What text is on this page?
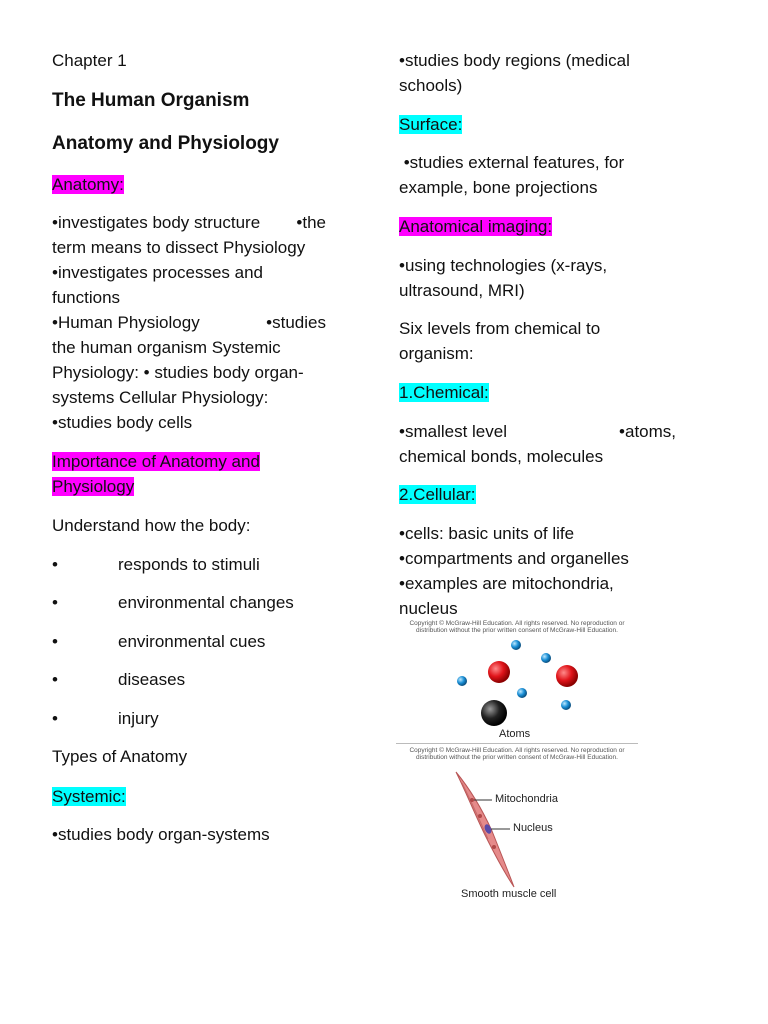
Chapter 1
The Human Organism
Anatomy and Physiology
Anatomy:
•investigates body structure •the
term means to dissect Physiology
•investigates processes and
functions
•Human Physiology	•studies
the human organism Systemic
Physiology: • studies body organ-
systems Cellular Physiology:
•studies body cells
Importance of Anatomy and
Physiology
Understand how the body:
•	responds to stimuli
•	environmental changes
•	environmental cues
•	diseases
•	injury
Types of Anatomy
Systemic:
•studies body organ-systems
•studies body regions (medical
schools)
Surface:
•studies external features, for
example, bone projections
Anatomical imaging:
•using technologies (x-rays,
ultrasound, MRI)
Six levels from chemical to
organism:
1.Chemical:
•smallest level	•atoms,
chemical bonds, molecules
2.Cellular:
•cells: basic units of life
•compartments and organelles
•examples are mitochondria,
nucleus
Copyright © McGraw-Hill Education. All rights reserved. No reproduction or
distribution without the prior written consent of McGraw-Hill Education.
Atoms
Copyright © McGraw-Hill Education. All rights reserved. No reproduction or
distribution without the prior written consent of McGraw-Hill Education.
Mitochondria
Nucleus
Smooth muscle cell
